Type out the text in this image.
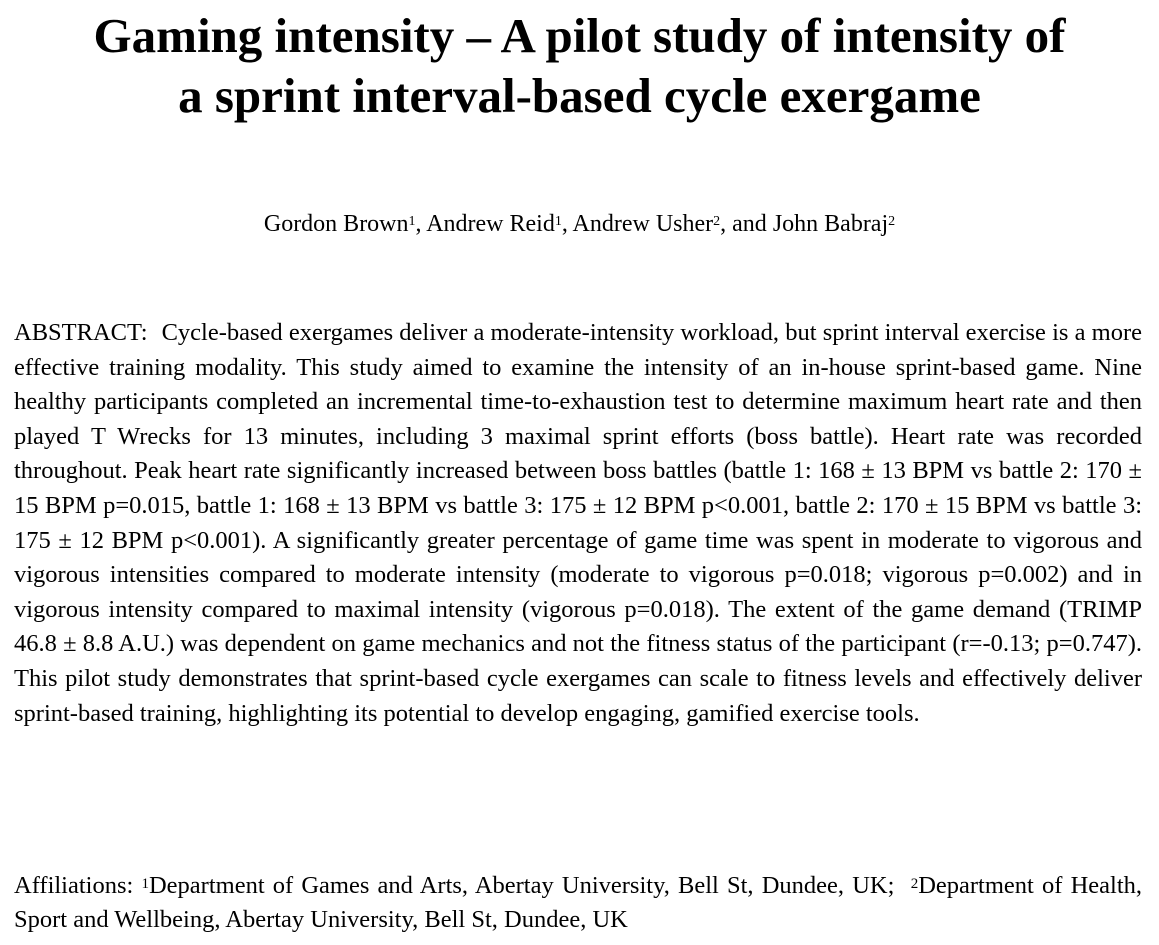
Gaming intensity – A pilot study of intensity of
a sprint interval-based cycle exergame
Gordon Brown$^1$, Andrew Reid$^1$, Andrew Usher$^2$, and John Babraj$^2$

ABSTRACT: Cycle-based exergames deliver a moderate-intensity workload, but sprint interval exercise is a more effective training modality. This study aimed to examine the intensity of an in-house sprint-based game. Nine healthy participants completed an incremental time-to-exhaustion test to determine maximum heart rate and then played T Wrecks for 13 minutes, including 3 maximal sprint efforts (boss battle). Heart rate was recorded throughout. Peak heart rate significantly increased between boss battles (battle 1: 168 ± 13 BPM vs battle 2: 170 ± 15 BPM p=0.015, battle 1: 168 ± 13 BPM vs battle 3: 175 ± 12 BPM p<0.001, battle 2: 170 ± 15 BPM vs battle 3: 175 ± 12 BPM p<0.001). A significantly greater percentage of game time was spent in moderate to vigorous and vigorous intensities compared to moderate intensity (moderate to vigorous p=0.018; vigorous p=0.002) and in vigorous intensity compared to maximal intensity (vigorous p=0.018). The extent of the game demand (TRIMP 46.8 ± 8.8 A.U.) was dependent on game mechanics and not the fitness status of the participant (r=-0.13; p=0.747). This pilot study demonstrates that sprint-based cycle exergames can scale to fitness levels and effectively deliver sprint-based training, highlighting its potential to develop engaging, gamified exercise tools.

Affiliations: $^1$Department of Games and Arts, Abertay University, Bell St, Dundee, UK; $^2$Department of Health, Sport and Wellbeing, Abertay University, Bell St, Dundee, UK
